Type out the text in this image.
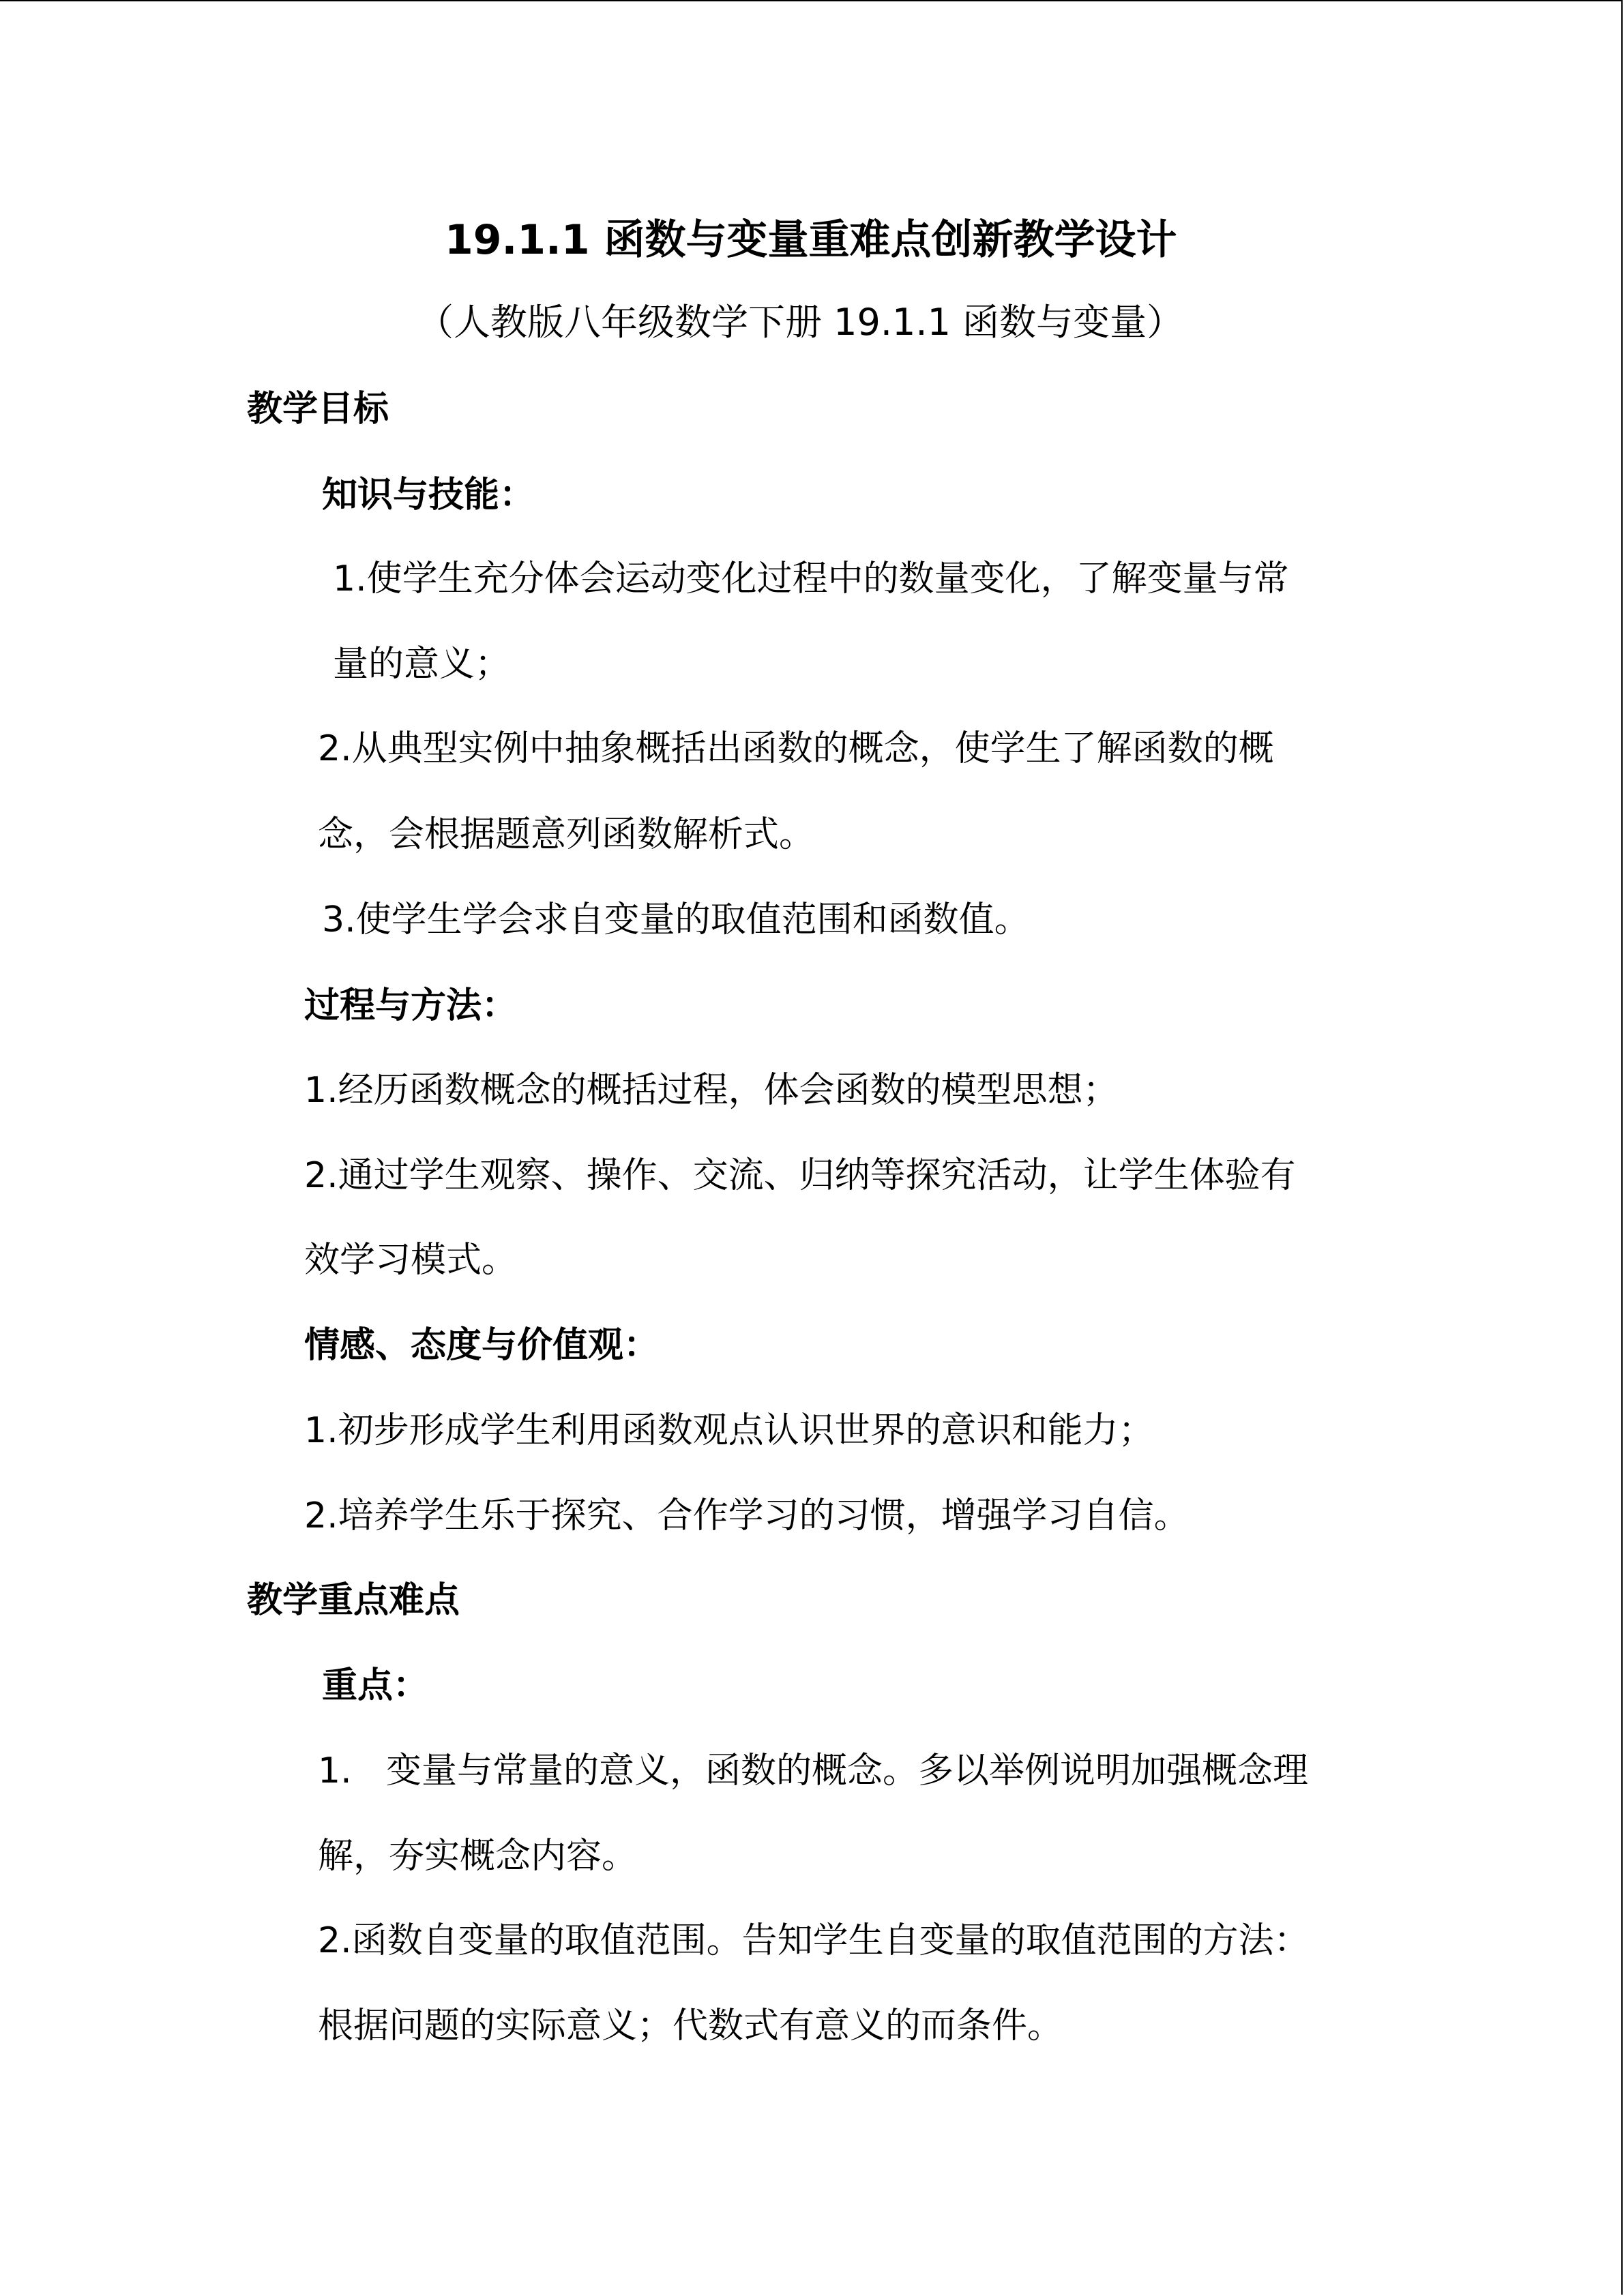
19.1.1 函数与变量重难点创新教学设计
（人教版八年级数学下册 19.1.1 函数与变量）
教学目标
知识与技能：
1.使学生充分体会运动变化过程中的数量变化，了解变量与常
量的意义；
2.从典型实例中抽象概括出函数的概念，使学生了解函数的概
念，会根据题意列函数解析式。
3.使学生学会求自变量的取值范围和函数值。
过程与方法：
1.经历函数概念的概括过程，体会函数的模型思想；
2.通过学生观察、操作、交流、归纳等探究活动，让学生体验有
效学习模式。
情感、态度与价值观：
1.初步形成学生利用函数观点认识世界的意识和能力；
2.培养学生乐于探究、合作学习的习惯，增强学习自信。
教学重点难点
重点：
1. 变量与常量的意义，函数的概念。多以举例说明加强概念理
解，夯实概念内容。
2.函数自变量的取值范围。告知学生自变量的取值范围的方法：
根据问题的实际意义；代数式有意义的而条件。
